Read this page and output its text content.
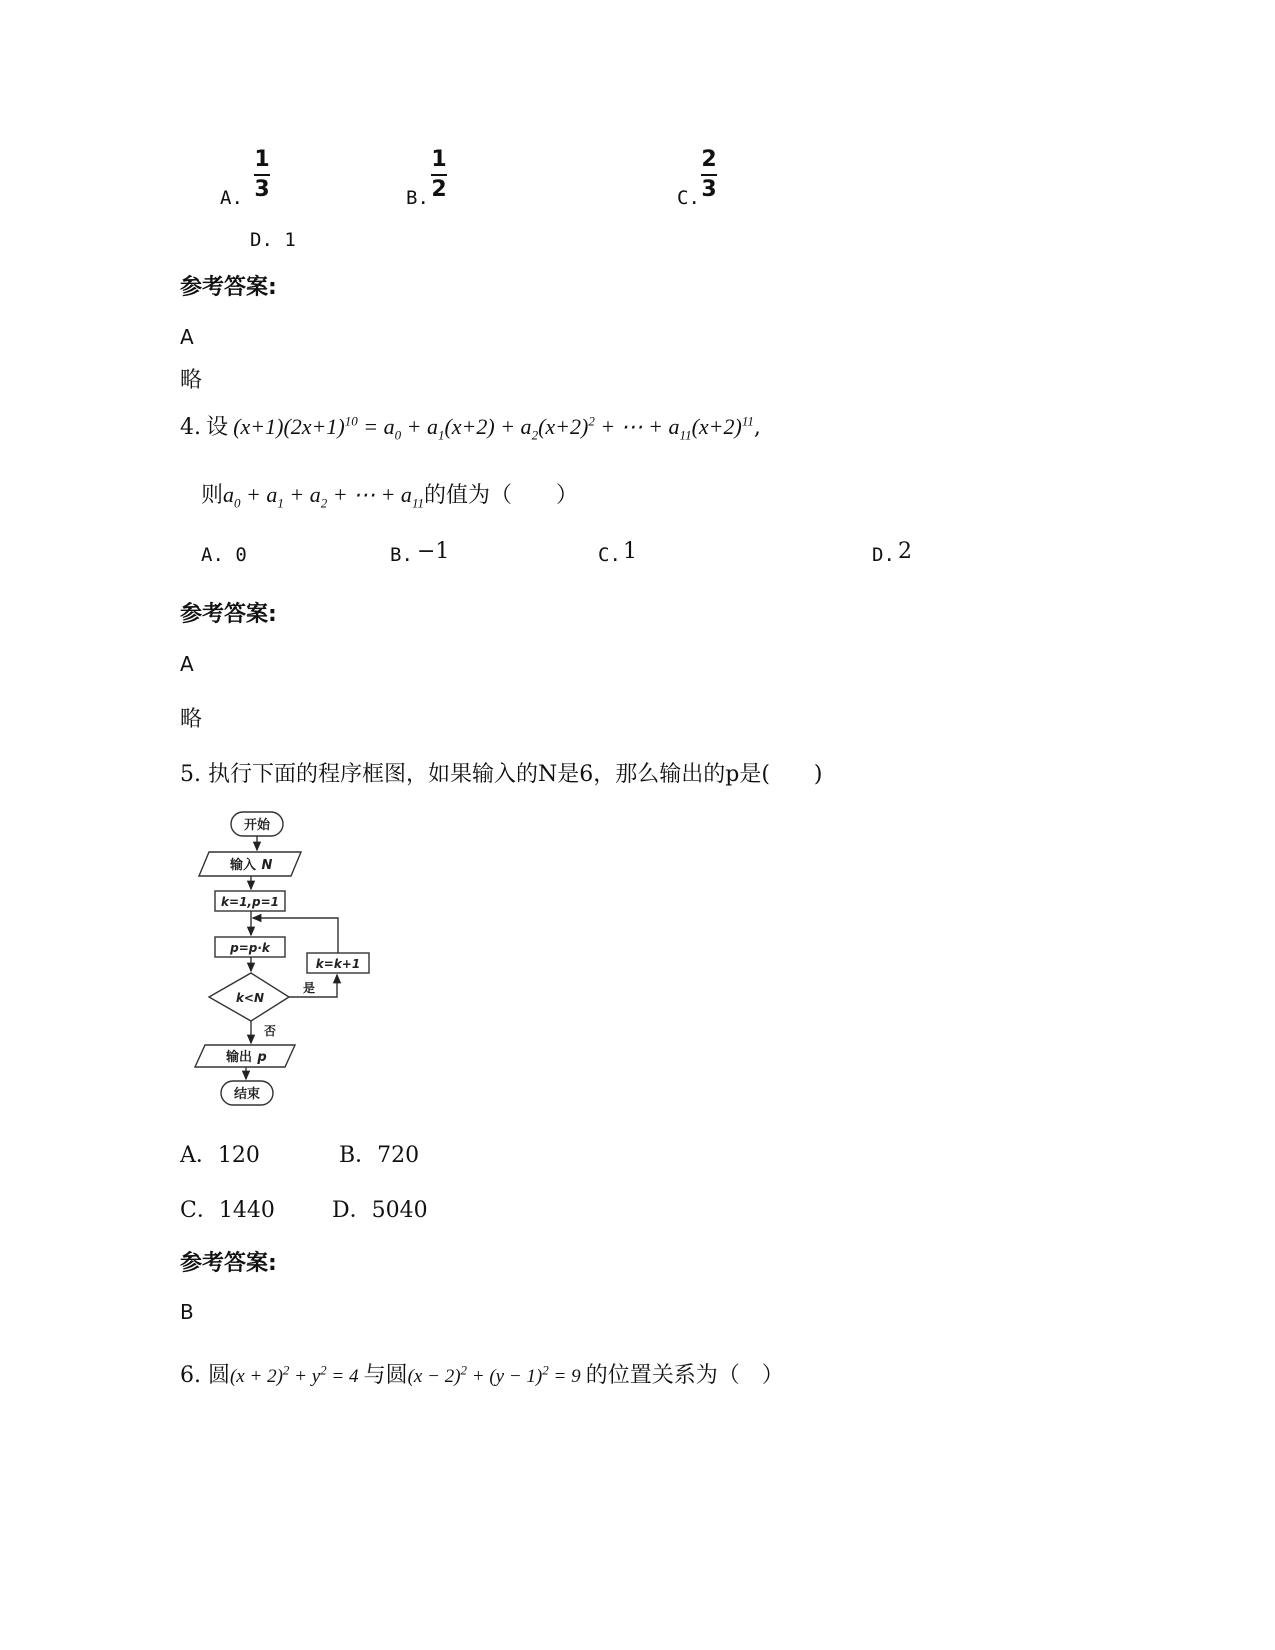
A.
1
3	B.
1
2	C.
2
3
D. 1
参考答案:
A
略
4. 设 $(x+1)(2x+1)^{10} = a_0 + a_1(x+2) + a_2(x+2)^2$ + ⋯ + $a_{11}(x+2)^{11}$,
则$a_0 + a_1 + a_2$ + ⋯ + $a_{11}$的值为（　　）
A. 0	B. −1	C. 1	D. 2
参考答案:
A
略
5. 执行下面的程序框图，如果输入的N是6，那么输出的p是(　　)
开始
输入 N
k=1,p=1
p=p·k
k<N
k=k+1
是
否
输出 p
结束
A．120	B．720
C．1440	D．5040
参考答案:
B
6. 圆$(x + 2)^2 + y^2 = 4$ 与圆$(x - 2)^2 + (y - 1)^2 = 9$ 的位置关系为（　）
